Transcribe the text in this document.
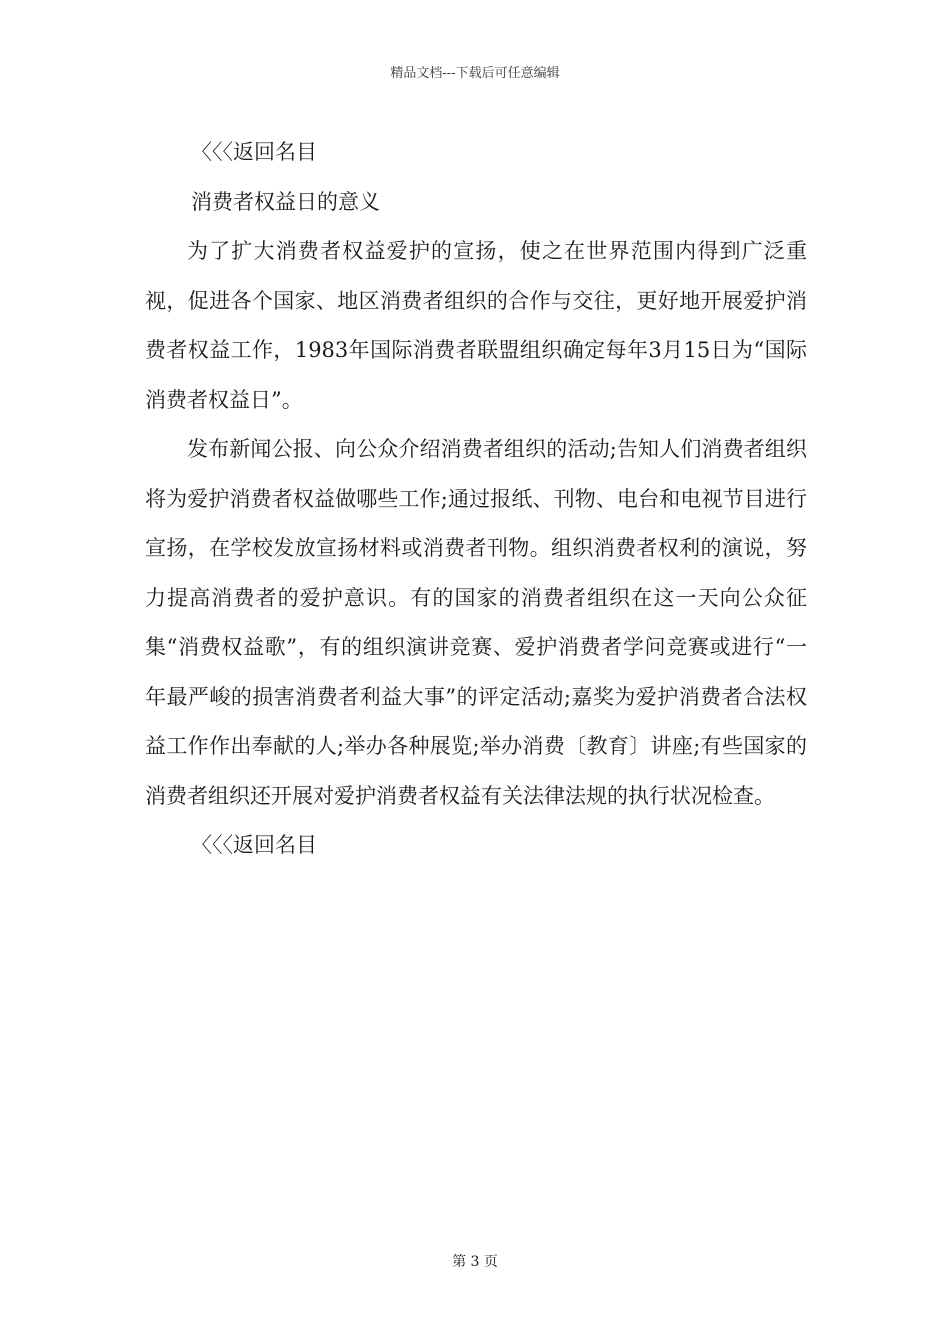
精品文档---下载后可任意编辑

〈〈〈返回名目

消费者权益日的意义

为了扩大消费者权益爱护的宣扬，使之在世界范围内得到广泛重视，促进各个国家、地区消费者组织的合作与交往，更好地开展爱护消费者权益工作，1983年国际消费者联盟组织确定每年3月15日为“国际消费者权益日”。

发布新闻公报、向公众介绍消费者组织的活动;告知人们消费者组织将为爱护消费者权益做哪些工作;通过报纸、刊物、电台和电视节目进行宣扬，在学校发放宣扬材料或消费者刊物。组织消费者权利的演说，努力提高消费者的爱护意识。有的国家的消费者组织在这一天向公众征集“消费权益歌”，有的组织演讲竞赛、爱护消费者学问竞赛或进行“一年最严峻的损害消费者利益大事”的评定活动;嘉奖为爱护消费者合法权益工作作出奉献的人;举办各种展览;举办消费〔教育〕讲座;有些国家的消费者组织还开展对爱护消费者权益有关法律法规的执行状况检查。

〈〈〈返回名目

第 3 页
